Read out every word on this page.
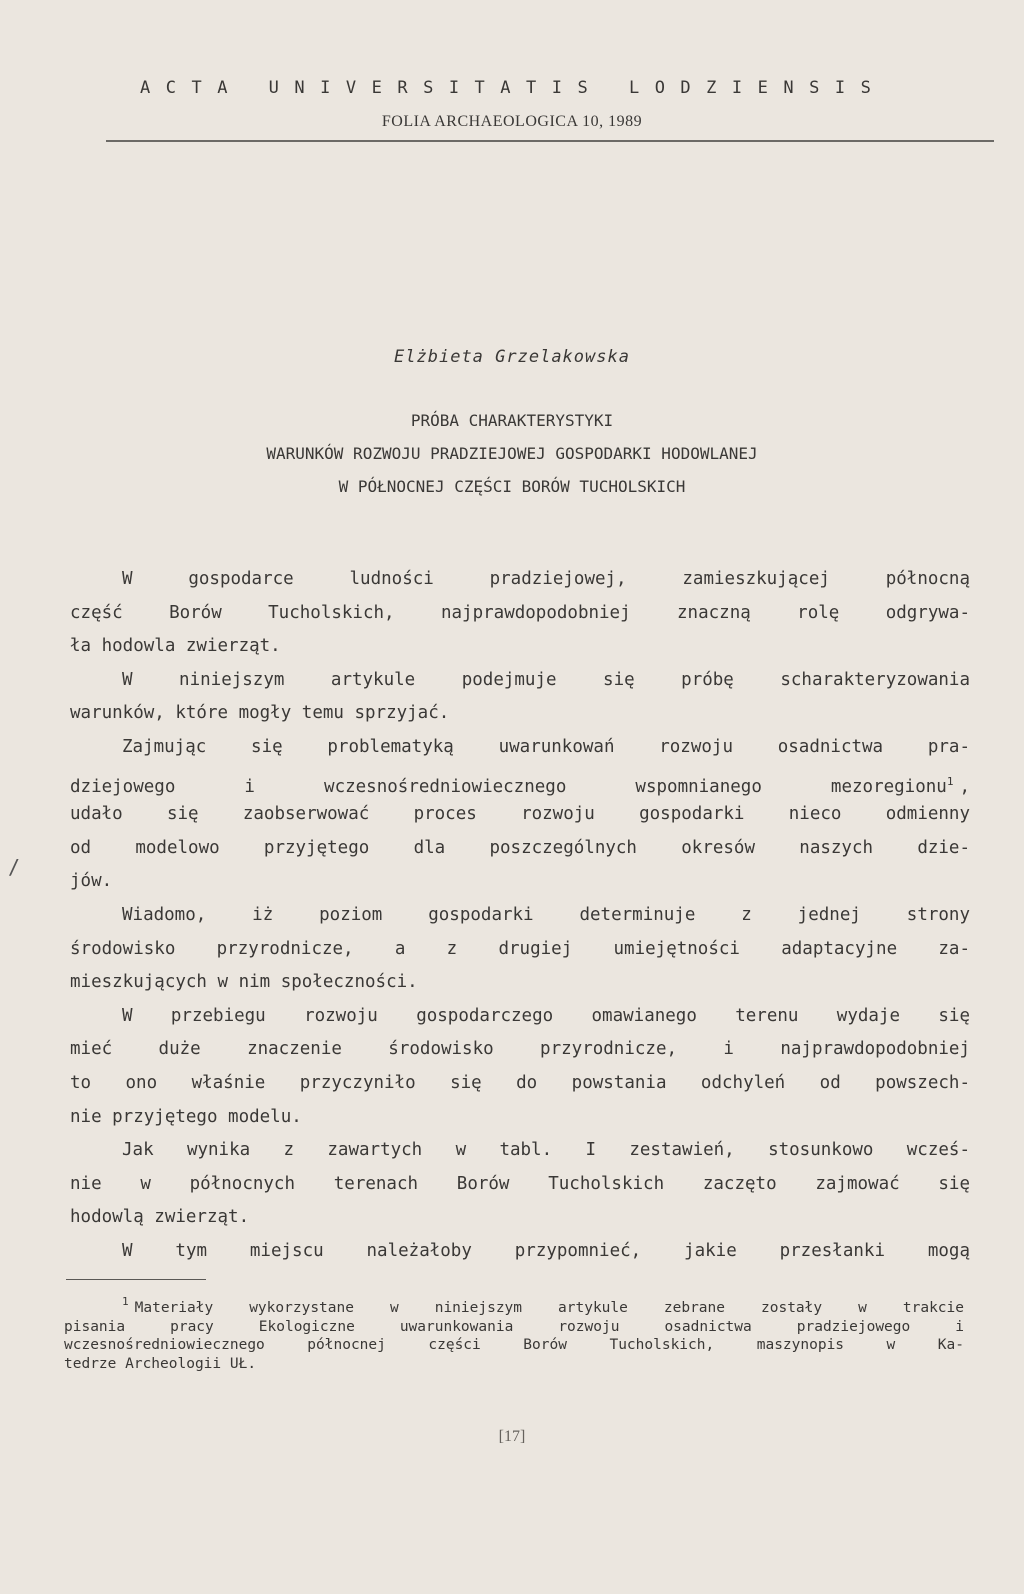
ACTA UNIVERSITATIS LODZIENSIS
FOLIA ARCHAEOLOGICA 10, 1989
Elżbieta Grzelakowska
PRÓBA CHARAKTERYSTYKI
WARUNKÓW ROZWOJU PRADZIEJOWEJ GOSPODARKI HODOWLANEJ
W PÓŁNOCNEJ CZĘŚCI BORÓW TUCHOLSKICH
W gospodarce ludności pradziejowej, zamieszkującej północną
część Borów Tucholskich, najprawdopodobniej znaczną rolę odgrywa-
ła hodowla zwierząt.
W niniejszym artykule podejmuje się próbę scharakteryzowania
warunków, które mogły temu sprzyjać.
Zajmując się problematyką uwarunkowań rozwoju osadnictwa pra-
dziejowego i wczesnośredniowiecznego wspomnianego mezoregionu$^1$ ,
udało się zaobserwować proces rozwoju gospodarki nieco odmienny
od modelowo przyjętego dla poszczególnych okresów naszych dzie-
jów.
Wiadomo, iż poziom gospodarki determinuje z jednej strony
środowisko przyrodnicze, a z drugiej umiejętności adaptacyjne za-
mieszkujących w nim społeczności.
W przebiegu rozwoju gospodarczego omawianego terenu wydaje się
mieć duże znaczenie środowisko przyrodnicze, i najprawdopodobniej
to ono właśnie przyczyniło się do powstania odchyleń od powszech-
nie przyjętego modelu.
Jak wynika z zawartych w tabl. I zestawień, stosunkowo wcześ-
nie w północnych terenach Borów Tucholskich zaczęto zajmować się
hodowlą zwierząt.
W tym miejscu należałoby przypomnieć, jakie przesłanki mogą
$^1$ Materiały wykorzystane w niniejszym artykule zebrane zostały w trakcie
pisania pracy Ekologiczne uwarunkowania rozwoju osadnictwa pradziejowego i
wczesnośredniowiecznego północnej części Borów Tucholskich, maszynopis w Ka-
tedrze Archeologii UŁ.
[17]
/
